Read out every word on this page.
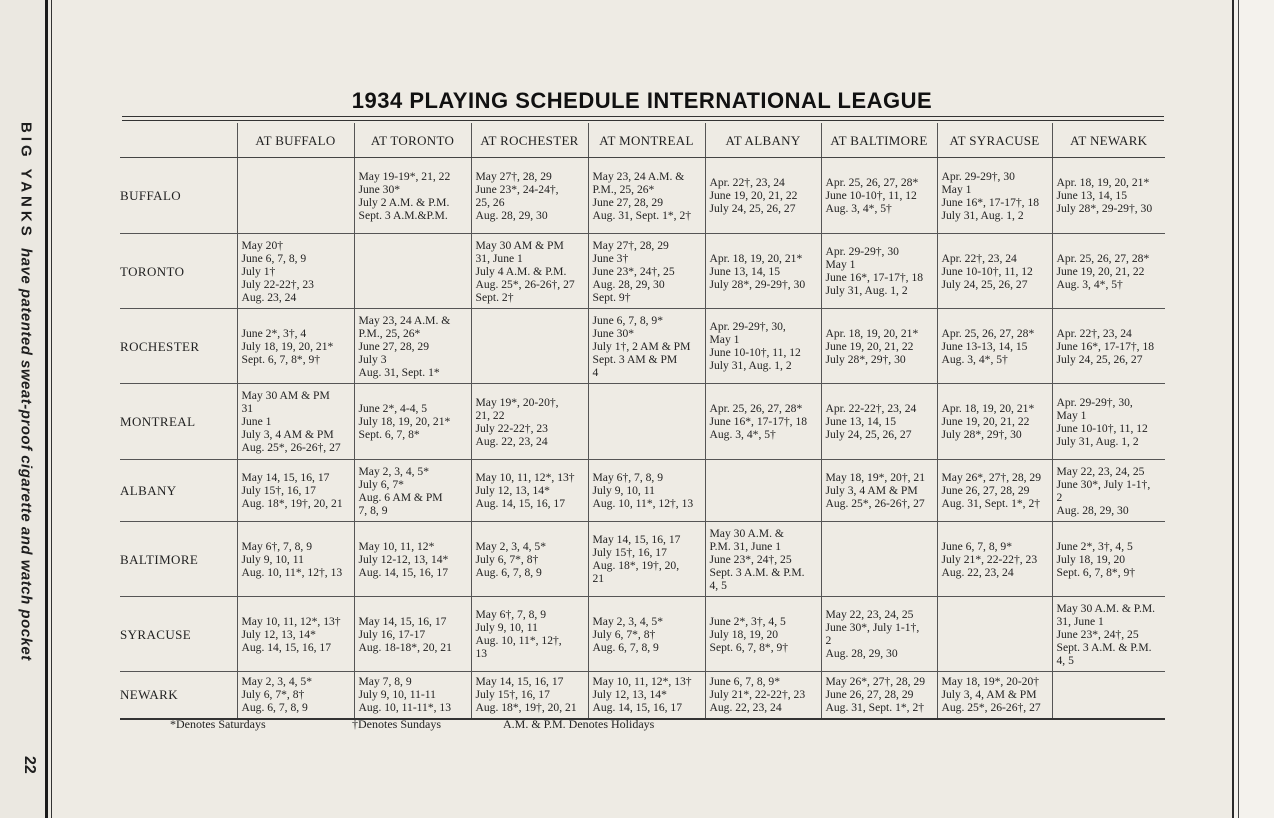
BIG YANKS
have patented sweat-proof cigarette and watch pocket
22
1934 PLAYING SCHEDULE INTERNATIONAL LEAGUE
	AT BUFFALO	AT TORONTO	AT ROCHESTER	AT MONTREAL	AT ALBANY	AT BALTIMORE	AT SYRACUSE	AT NEWARK
BUFFALO		May 19-19*, 21, 22
June 30*
July 2 A.M. & P.M.
Sept. 3 A.M.&P.M.	May 27†, 28, 29
June 23*, 24-24†,
25, 26
Aug. 28, 29, 30	May 23, 24 A.M. &
P.M., 25, 26*
June 27, 28, 29
Aug. 31, Sept. 1*, 2†	Apr. 22†, 23, 24
June 19, 20, 21, 22
July 24, 25, 26, 27	Apr. 25, 26, 27, 28*
June 10-10†, 11, 12
Aug. 3, 4*, 5†	Apr. 29-29†, 30
May 1
June 16*, 17-17†, 18
July 31, Aug. 1, 2	Apr. 18, 19, 20, 21*
June 13, 14, 15
July 28*, 29-29†, 30
TORONTO	May 20†
June 6, 7, 8, 9
July 1†
July 22-22†, 23
Aug. 23, 24		May 30 AM & PM
31, June 1
July 4 A.M. & P.M.
Aug. 25*, 26-26†, 27
Sept. 2†	May 27†, 28, 29
June 3†
June 23*, 24†, 25
Aug. 28, 29, 30
Sept. 9†	Apr. 18, 19, 20, 21*
June 13, 14, 15
July 28*, 29-29†, 30	Apr. 29-29†, 30
May 1
June 16*, 17-17†, 18
July 31, Aug. 1, 2	Apr. 22†, 23, 24
June 10-10†, 11, 12
July 24, 25, 26, 27	Apr. 25, 26, 27, 28*
June 19, 20, 21, 22
Aug. 3, 4*, 5†
ROCHESTER	June 2*, 3†, 4
July 18, 19, 20, 21*
Sept. 6, 7, 8*, 9†	May 23, 24 A.M. &
P.M., 25, 26*
June 27, 28, 29
July 3
Aug. 31, Sept. 1*		June 6, 7, 8, 9*
June 30*
July 1†, 2 AM & PM
Sept. 3 AM & PM
4	Apr. 29-29†, 30,
May 1
June 10-10†, 11, 12
July 31, Aug. 1, 2	Apr. 18, 19, 20, 21*
June 19, 20, 21, 22
July 28*, 29†, 30	Apr. 25, 26, 27, 28*
June 13-13, 14, 15
Aug. 3, 4*, 5†	Apr. 22†, 23, 24
June 16*, 17-17†, 18
July 24, 25, 26, 27
MONTREAL	May 30 AM & PM
31
June 1
July 3, 4 AM & PM
Aug. 25*, 26-26†, 27	June 2*, 4-4, 5
July 18, 19, 20, 21*
Sept. 6, 7, 8*	May 19*, 20-20†,
21, 22
July 22-22†, 23
Aug. 22, 23, 24		Apr. 25, 26, 27, 28*
June 16*, 17-17†, 18
Aug. 3, 4*, 5†	Apr. 22-22†, 23, 24
June 13, 14, 15
July 24, 25, 26, 27	Apr. 18, 19, 20, 21*
June 19, 20, 21, 22
July 28*, 29†, 30	Apr. 29-29†, 30,
May 1
June 10-10†, 11, 12
July 31, Aug. 1, 2
ALBANY	May 14, 15, 16, 17
July 15†, 16, 17
Aug. 18*, 19†, 20, 21	May 2, 3, 4, 5*
July 6, 7*
Aug. 6 AM & PM
7, 8, 9	May 10, 11, 12*, 13†
July 12, 13, 14*
Aug. 14, 15, 16, 17	May 6†, 7, 8, 9
July 9, 10, 11
Aug. 10, 11*, 12†, 13		May 18, 19*, 20†, 21
July 3, 4 AM & PM
Aug. 25*, 26-26†, 27	May 26*, 27†, 28, 29
June 26, 27, 28, 29
Aug. 31, Sept. 1*, 2†	May 22, 23, 24, 25
June 30*, July 1-1†,
2
Aug. 28, 29, 30
BALTIMORE	May 6†, 7, 8, 9
July 9, 10, 11
Aug. 10, 11*, 12†, 13	May 10, 11, 12*
July 12-12, 13, 14*
Aug. 14, 15, 16, 17	May 2, 3, 4, 5*
July 6, 7*, 8†
Aug. 6, 7, 8, 9	May 14, 15, 16, 17
July 15†, 16, 17
Aug. 18*, 19†, 20,
21	May 30 A.M. &
P.M. 31, June 1
June 23*, 24†, 25
Sept. 3 A.M. & P.M.
4, 5		June 6, 7, 8, 9*
July 21*, 22-22†, 23
Aug. 22, 23, 24	June 2*, 3†, 4, 5
July 18, 19, 20
Sept. 6, 7, 8*, 9†
SYRACUSE	May 10, 11, 12*, 13†
July 12, 13, 14*
Aug. 14, 15, 16, 17	May 14, 15, 16, 17
July 16, 17-17
Aug. 18-18*, 20, 21	May 6†, 7, 8, 9
July 9, 10, 11
Aug. 10, 11*, 12†,
13	May 2, 3, 4, 5*
July 6, 7*, 8†
Aug. 6, 7, 8, 9	June 2*, 3†, 4, 5
July 18, 19, 20
Sept. 6, 7, 8*, 9†	May 22, 23, 24, 25
June 30*, July 1-1†,
2
Aug. 28, 29, 30		May 30 A.M. & P.M.
31, June 1
June 23*, 24†, 25
Sept. 3 A.M. & P.M.
4, 5
NEWARK	May 2, 3, 4, 5*
July 6, 7*, 8†
Aug. 6, 7, 8, 9	May 7, 8, 9
July 9, 10, 11-11
Aug. 10, 11-11*, 13	May 14, 15, 16, 17
July 15†, 16, 17
Aug. 18*, 19†, 20, 21	May 10, 11, 12*, 13†
July 12, 13, 14*
Aug. 14, 15, 16, 17	June 6, 7, 8, 9*
July 21*, 22-22†, 23
Aug. 22, 23, 24	May 26*, 27†, 28, 29
June 26, 27, 28, 29
Aug. 31, Sept. 1*, 2†	May 18, 19*, 20-20†
July 3, 4, AM & PM
Aug. 25*, 26-26†, 27	
*Denotes Saturdays	†Denotes Sundays	A.M. & P.M. Denotes Holidays
